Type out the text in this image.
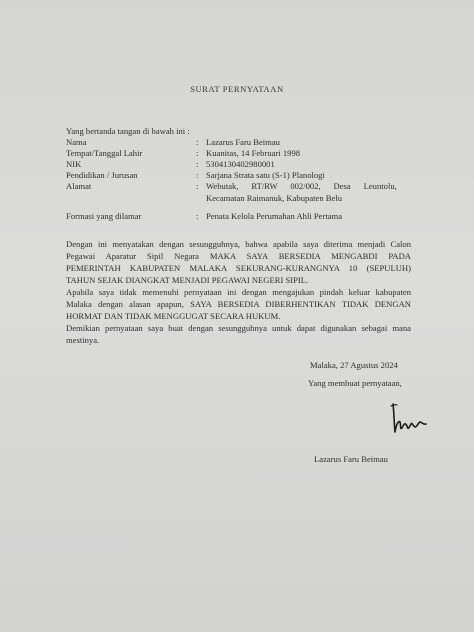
SURAT PERNYATAAN
Yang bertanda tangan di bawah ini :
Nama	: Lazarus Faru Beimau
Tempat/Tanggal Lahir	: Kuanitas, 14 Februari 1998
NIK	: 5304130402980001
Pendidikan / Jurusan	: Sarjana Strata satu (S-1) Planologi
Alamat	: Webutak,      RT/RW      002/002,      Desa      Leuntolu,
Kecamatan Raimanuk, Kabupaten Belu
Formasi yang dilamar	: Penata Kelola Perumahan Ahli Pertama
Dengan ini menyatakan dengan sesungguhnya, bahwa apabila saya diterima menjadi Calon
Pegawai Aparatur Sipil Negara MAKA SAYA BERSEDIA MENGABDI PADA
PEMERINTAH KABUPATEN MALAKA SEKURANG-KURANGNYA 10 (SEPULUH)
TAHUN SEJAK DIANGKAT MENJADI PEGAWAI NEGERI SIPIL.
Apabila saya tidak memenuhi pernyataan ini dengan mengajukan pindah keluar kabupaten
Malaka dengan alasan apapun, SAYA BERSEDIA DIBERHENTIKAN TIDAK DENGAN
HORMAT DAN TIDAK MENGGUGAT SECARA HUKUM.
Demikian pernyataan saya buat dengan sesungguhnya untuk dapat digunakan sebagai mana
mestinya.
Malaka, 27 Agustus 2024
Yang membuat pernyataan,
Lazarus Faru Beimau
